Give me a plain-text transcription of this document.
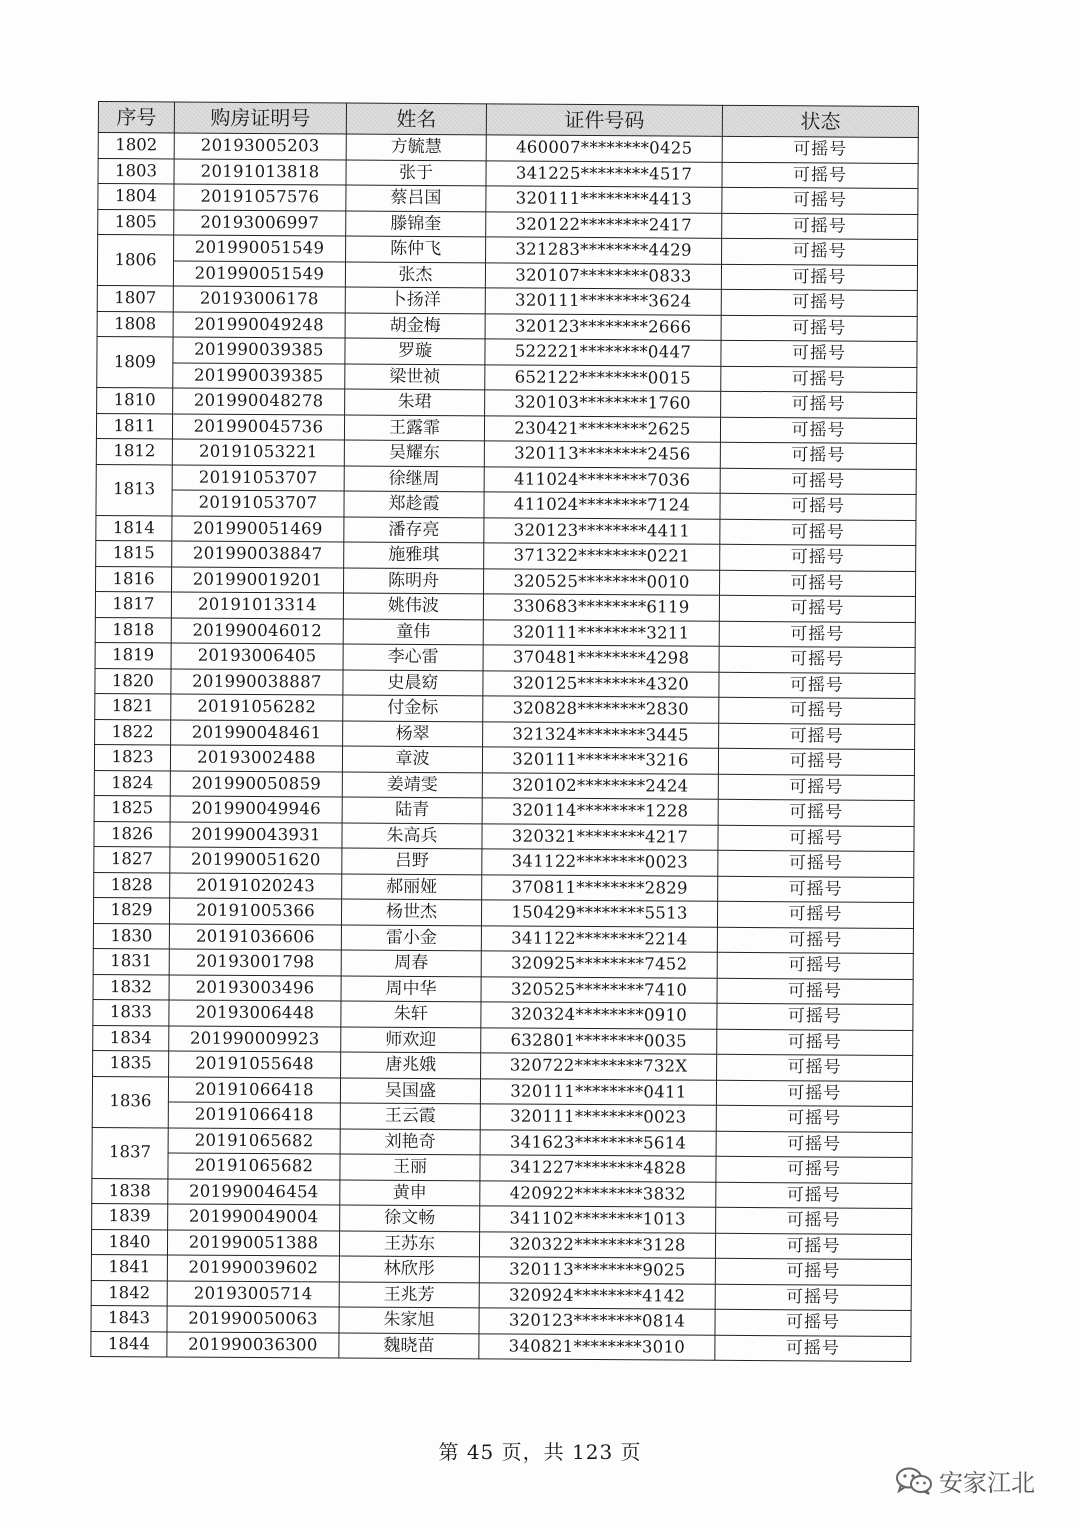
序号	购房证明号	姓名	证件号码	状态
1802	20193005203	方毓慧	460007********0425	可摇号
1803	20191013818	张于	341225********4517	可摇号
1804	20191057576	蔡吕国	320111********4413	可摇号
1805	20193006997	滕锦奎	320122********2417	可摇号
1806	201990051549	陈仲飞	321283********4429	可摇号
	201990051549	张杰	320107********0833	可摇号
1807	20193006178	卜扬洋	320111********3624	可摇号
1808	201990049248	胡金梅	320123********2666	可摇号
1809	201990039385	罗璇	522221********0447	可摇号
	201990039385	梁世祯	652122********0015	可摇号
1810	201990048278	朱珺	320103********1760	可摇号
1811	201990045736	王露霏	230421********2625	可摇号
1812	20191053221	吴耀东	320113********2456	可摇号
1813	20191053707	徐继周	411024********7036	可摇号
	20191053707	郑趁霞	411024********7124	可摇号
1814	201990051469	潘存亮	320123********4411	可摇号
1815	201990038847	施雅琪	371322********0221	可摇号
1816	201990019201	陈明舟	320525********0010	可摇号
1817	20191013314	姚伟波	330683********6119	可摇号
1818	201990046012	童伟	320111********3211	可摇号
1819	20193006405	李心雷	370481********4298	可摇号
1820	201990038887	史晨窈	320125********4320	可摇号
1821	20191056282	付金标	320828********2830	可摇号
1822	201990048461	杨翠	321324********3445	可摇号
1823	20193002488	章波	320111********3216	可摇号
1824	201990050859	姜靖雯	320102********2424	可摇号
1825	201990049946	陆青	320114********1228	可摇号
1826	201990043931	朱高兵	320321********4217	可摇号
1827	201990051620	吕野	341122********0023	可摇号
1828	20191020243	郝丽娅	370811********2829	可摇号
1829	20191005366	杨世杰	150429********5513	可摇号
1830	20191036606	雷小金	341122********2214	可摇号
1831	20193001798	周春	320925********7452	可摇号
1832	20193003496	周中华	320525********7410	可摇号
1833	20193006448	朱轩	320324********0910	可摇号
1834	201990009923	师欢迎	632801********0035	可摇号
1835	20191055648	唐兆娥	320722********732X	可摇号
1836	20191066418	吴国盛	320111********0411	可摇号
	20191066418	王云霞	320111********0023	可摇号
1837	20191065682	刘艳奇	341623********5614	可摇号
	20191065682	王丽	341227********4828	可摇号
1838	201990046454	黄申	420922********3832	可摇号
1839	201990049004	徐文畅	341102********1013	可摇号
1840	201990051388	王苏东	320322********3128	可摇号
1841	201990039602	林欣彤	320113********9025	可摇号
1842	20193005714	王兆芳	320924********4142	可摇号
1843	201990050063	朱家旭	320123********0814	可摇号
1844	201990036300	魏晓苗	340821********3010	可摇号
第 45 页，共 123 页
安家江北
